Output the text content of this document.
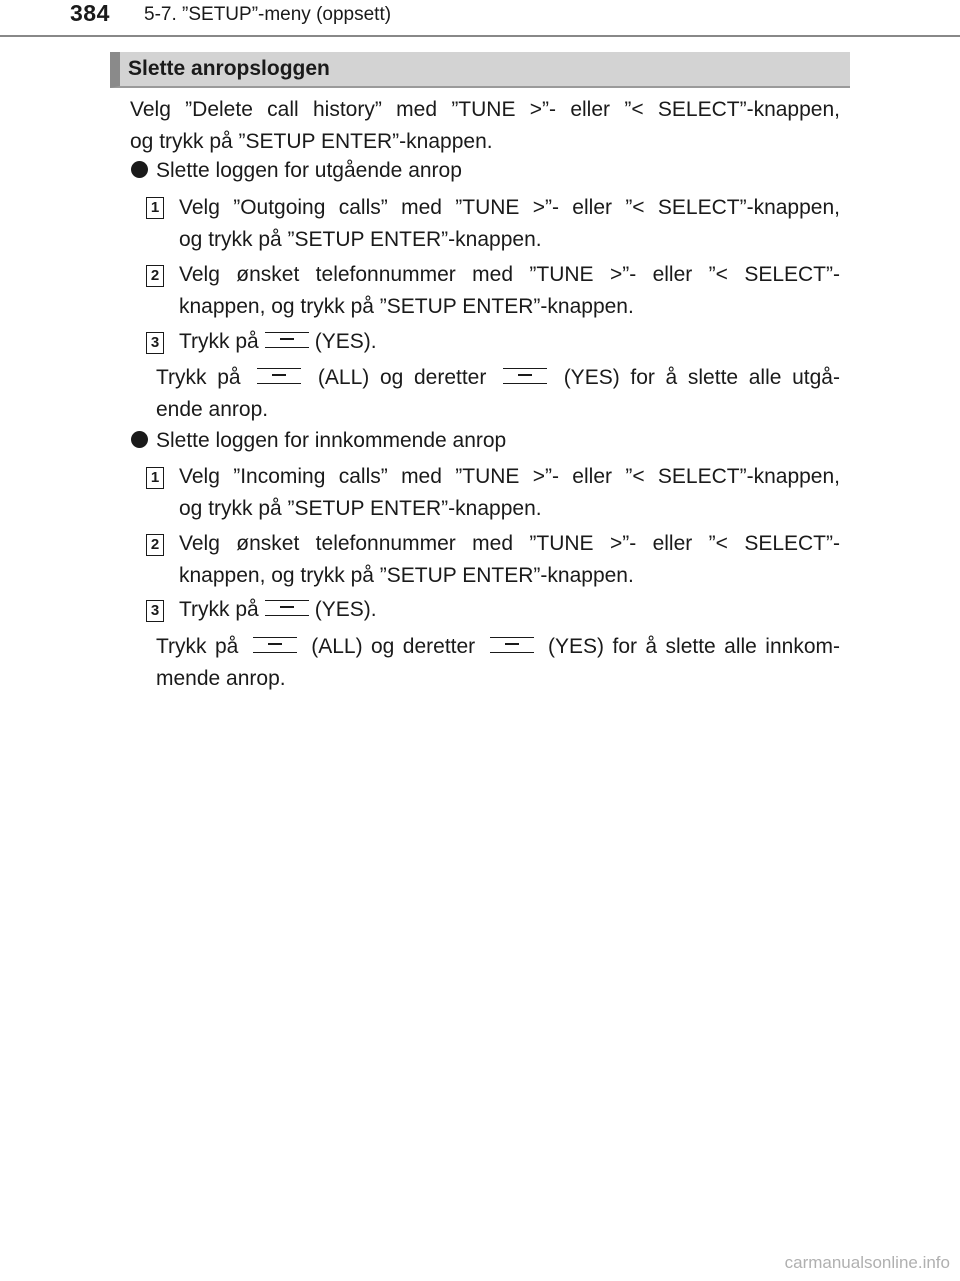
384 5-7. ”SETUP”-meny (oppsett)
Slette anropsloggen
Velg ”Delete call history” med ”TUNE >”- eller ”< SELECT”-knappen,
og trykk på ”SETUP ENTER”-knappen.
Slette loggen for utgående anrop
1 Velg ”Outgoing calls” med ”TUNE >”- eller ”< SELECT”-knappen,
og trykk på ”SETUP ENTER”-knappen.
2 Velg ønsket telefonnummer med ”TUNE >”- eller ”< SELECT”-
knappen, og trykk på ”SETUP ENTER”-knappen.
3 Trykk på	(YES).
Trykk på	(ALL) og deretter	(YES) for å slette alle utgå-
ende anrop.
Slette loggen for innkommende anrop
1 Velg ”Incoming calls” med ”TUNE >”- eller ”< SELECT”-knappen,
og trykk på ”SETUP ENTER”-knappen.
2 Velg ønsket telefonnummer med ”TUNE >”- eller ”< SELECT”-
knappen, og trykk på ”SETUP ENTER”-knappen.
3 Trykk på	(YES).
Trykk på	(ALL) og deretter	(YES) for å slette alle innkom-
mende anrop.
carmanualsonline.info
